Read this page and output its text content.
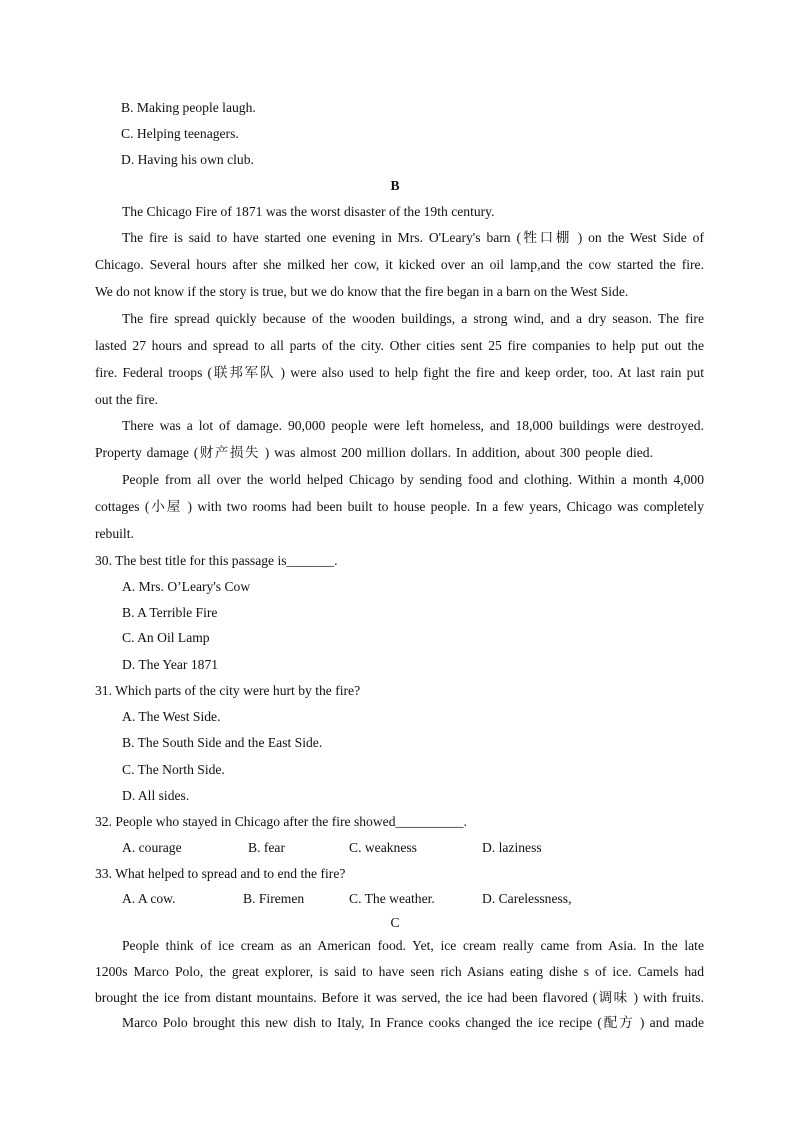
B. Making people laugh.
C. Helping teenagers.
D. Having his own club.
B
The Chicago Fire of 1871 was the worst disaster of the 19th century.
The fire is said to have started one evening in Mrs. O'Leary's barn (牲口棚 ) on the West Side of
Chicago. Several hours after she milked her cow, it kicked over an oil lamp,and the cow started the fire.
We do not know if the story is true, but we do know that the fire began in a barn on the West Side.
The fire spread quickly because of the wooden buildings, a strong wind, and a dry season. The fire
lasted 27 hours and spread to all parts of the city. Other cities sent 25 fire companies to help put out the
fire. Federal troops (联邦军队 ) were also used to help fight the fire and keep order, too. At last rain put
out the fire.
There was a lot of damage. 90,000 people were left homeless, and 18,000 buildings were destroyed.
Property damage (财产损失 ) was almost 200 million dollars. In addition, about 300 people died.
People from all over the world helped Chicago by sending food and clothing. Within a month 4,000
cottages (小屋 ) with two rooms had been built to house people. In a few years, Chicago was completely
rebuilt.
30. The best title for this passage is_______.
A. Mrs. O’Leary's Cow
B. A Terrible Fire
C. An Oil Lamp
D. The Year 1871
31. Which parts of the city were hurt by the fire?
A. The West Side.
B. The South Side and the East Side.
C. The North Side.
D. All sides.
32. People who stayed in Chicago after the fire showed__________.
A. courage	B. fear	C. weakness	D. laziness
33. What helped to spread and to end the fire?
A. A cow.	B. Firemen	C. The weather.	D. Carelessness,
C
People think of ice cream as an American food. Yet, ice cream really came from Asia. In the late
1200s Marco Polo, the great explorer, is said to have seen rich Asians eating dishe s of ice. Camels had
brought the ice from distant mountains. Before it was served, the ice had been flavored (调味 ) with fruits.
Marco Polo brought this new dish to Italy, In France cooks changed the ice recipe (配方 ) and made
